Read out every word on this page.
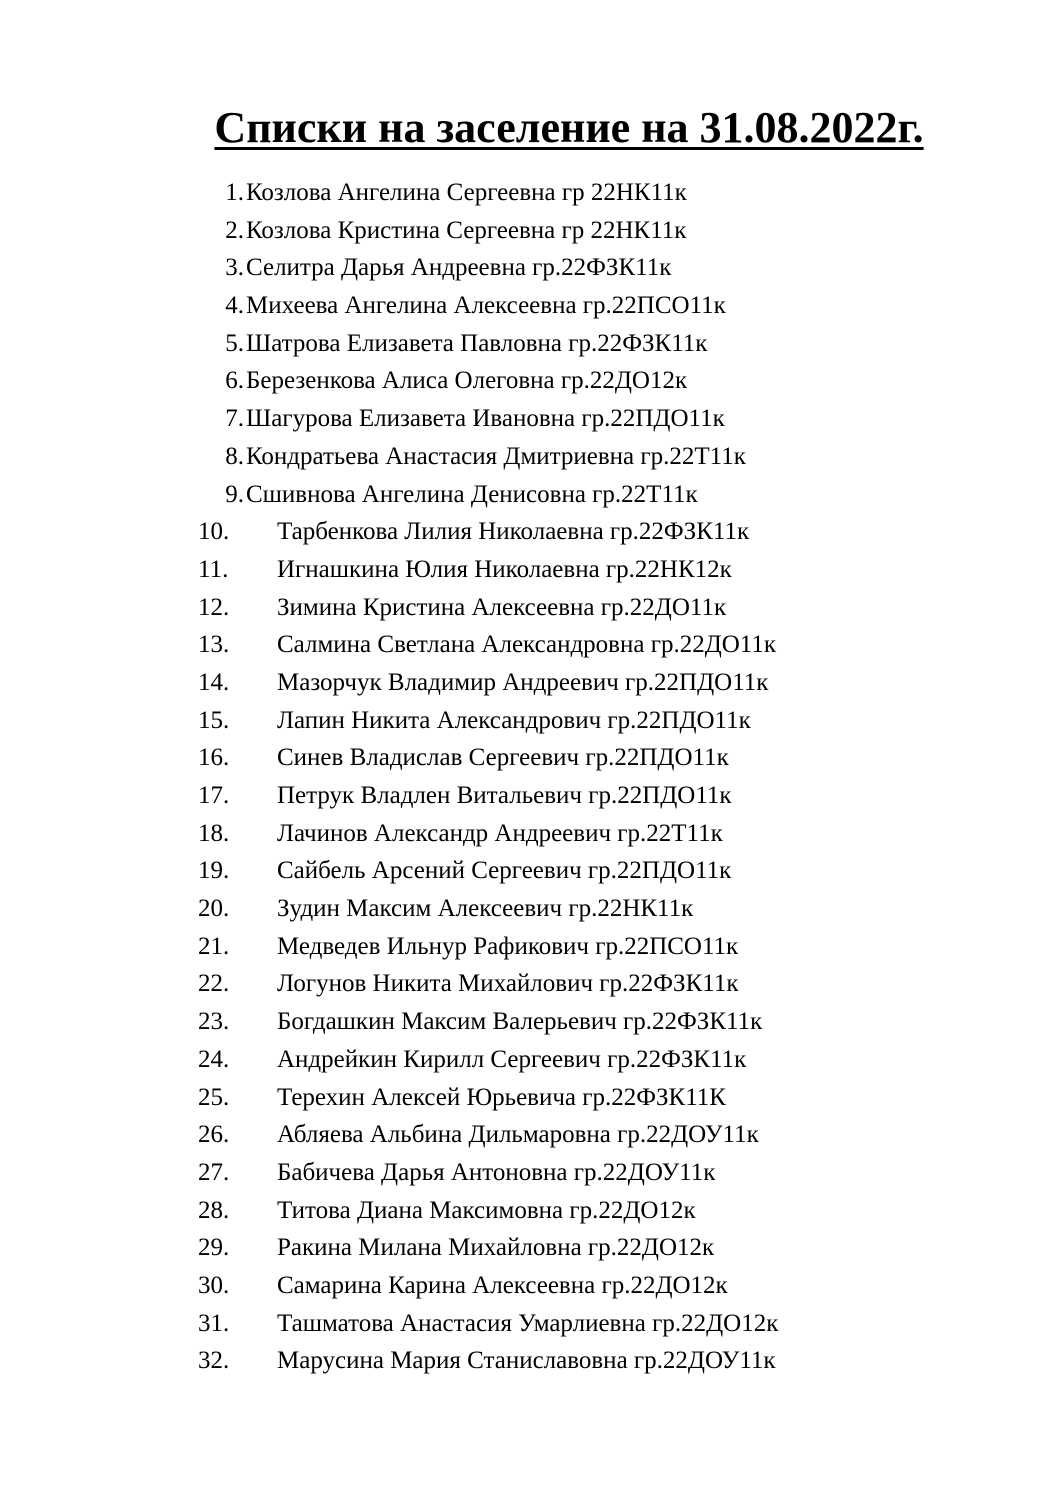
Списки на заселение на 31.08.2022г.
1. Козлова Ангелина Сергеевна гр 22НК11к
2. Козлова Кристина Сергеевна гр 22НК11к
3. Селитра Дарья Андреевна гр.22ФЗК11к
4. Михеева Ангелина Алексеевна гр.22ПСО11к
5. Шатрова Елизавета Павловна гр.22ФЗК11к
6. Березенкова Алиса Олеговна гр.22ДО12к
7. Шагурова Елизавета Ивановна гр.22ПДО11к
8. Кондратьева Анастасия Дмитриевна гр.22Т11к
9. Сшивнова Ангелина Денисовна гр.22Т11к
10. Тарбенкова Лилия Николаевна гр.22ФЗК11к
11. Игнашкина Юлия Николаевна гр.22НК12к
12. Зимина Кристина Алексеевна гр.22ДО11к
13. Салмина Светлана Александровна гр.22ДО11к
14. Мазорчук Владимир Андреевич гр.22ПДО11к
15. Лапин Никита Александрович гр.22ПДО11к
16. Синев Владислав Сергеевич гр.22ПДО11к
17. Петрук Владлен Витальевич гр.22ПДО11к
18. Лачинов Александр Андреевич гр.22Т11к
19. Сайбель Арсений Сергеевич гр.22ПДО11к
20. Зудин Максим Алексеевич гр.22НК11к
21. Медведев Ильнур Рафикович гр.22ПСО11к
22. Логунов Никита Михайлович гр.22ФЗК11к
23. Богдашкин Максим Валерьевич гр.22ФЗК11к
24. Андрейкин Кирилл Сергеевич гр.22ФЗК11к
25. Терехин Алексей Юрьевича гр.22ФЗК11К
26. Абляева Альбина Дильмаровна гр.22ДОУ11к
27. Бабичева Дарья Антоновна гр.22ДОУ11к
28. Титова Диана Максимовна гр.22ДО12к
29. Ракина Милана Михайловна гр.22ДО12к
30. Самарина Карина Алексеевна гр.22ДО12к
31. Ташматова Анастасия Умарлиевна гр.22ДО12к
32. Марусина Мария Станиславовна гр.22ДОУ11к
